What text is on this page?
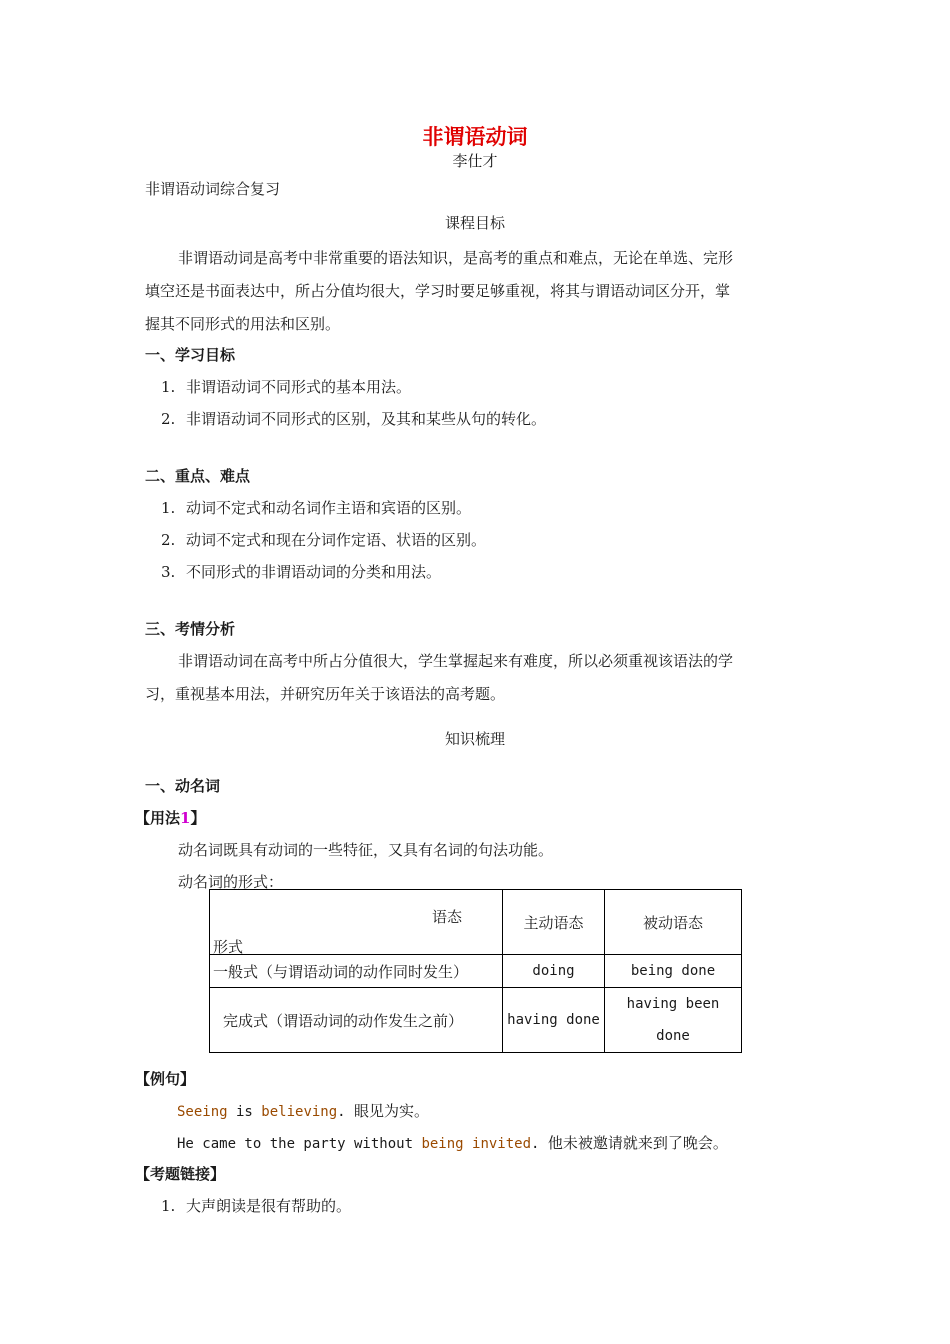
非谓语动词
李仕才
非谓语动词综合复习
课程目标
非谓语动词是高考中非常重要的语法知识，是高考的重点和难点，无论在单选、完形
填空还是书面表达中，所占分值均很大，学习时要足够重视，将其与谓语动词区分开，掌
握其不同形式的用法和区别。
一、学习目标
1. 非谓语动词不同形式的基本用法。
2. 非谓语动词不同形式的区别，及其和某些从句的转化。
二、重点、难点
1. 动词不定式和动名词作主语和宾语的区别。
2. 动词不定式和现在分词作定语、状语的区别。
3. 不同形式的非谓语动词的分类和用法。
三、考情分析
非谓语动词在高考中所占分值很大，学生掌握起来有难度，所以必须重视该语法的学
习，重视基本用法，并研究历年关于该语法的高考题。
知识梳理
一、动名词
【用法1】
动名词既具有动词的一些特征，又具有名词的句法功能。
动名词的形式：
语态
形式	主动语态	被动语态
一般式（与谓语动词的动作同时发生）	doing	being done
完成式（谓语动词的动作发生之前）	having done	having been
done
【例句】
Seeing is believing. 眼见为实。
He came to the party without being invited. 他未被邀请就来到了晚会。
【考题链接】
1. 大声朗读是很有帮助的。
